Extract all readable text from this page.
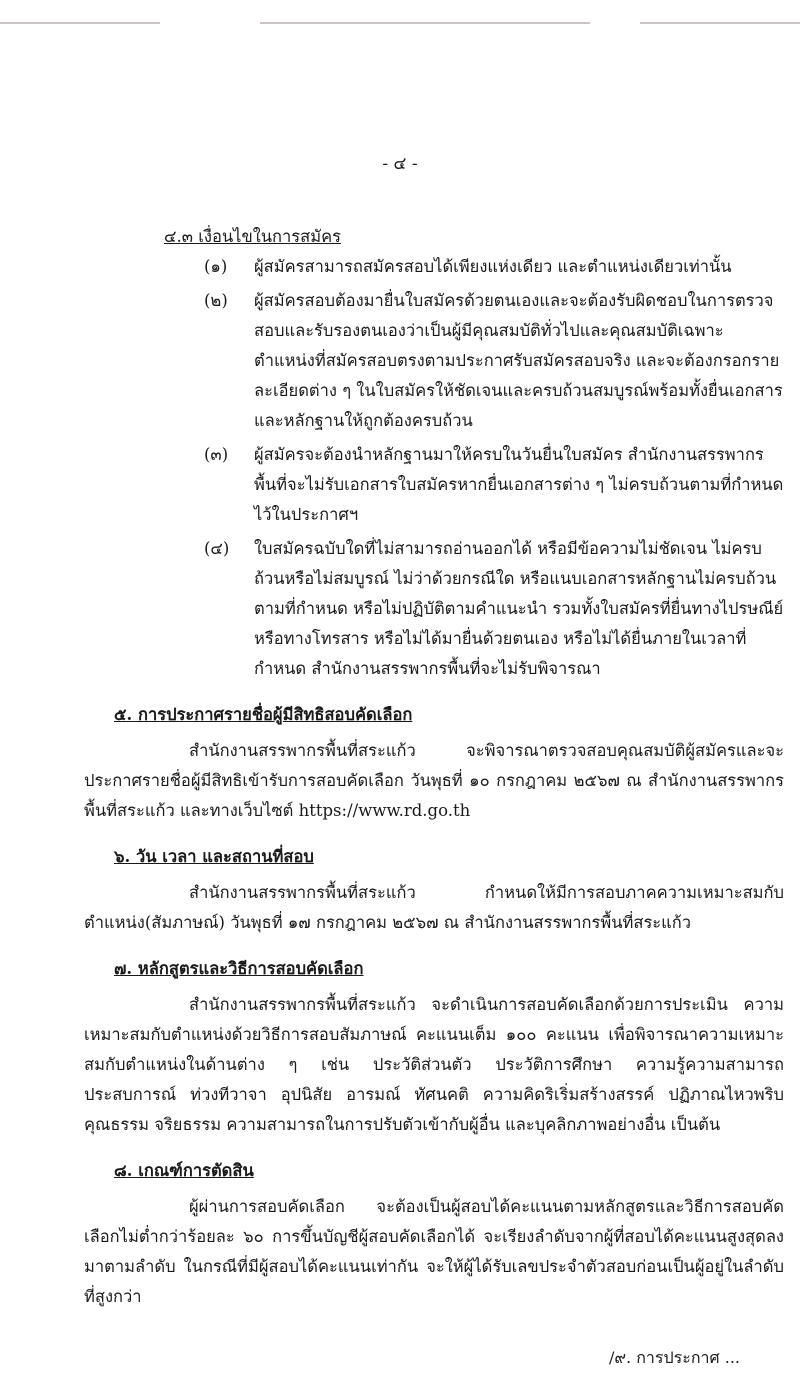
- ๔ -
๔.๓ เงื่อนไขในการสมัคร
(๑) ผู้สมัครสามารถสมัครสอบได้เพียงแห่งเดียว และตำแหน่งเดียวเท่านั้น
(๒) ผู้สมัครสอบต้องมายื่นใบสมัครด้วยตนเองและจะต้องรับผิดชอบในการตรวจสอบและรับรองตนเองว่าเป็นผู้มีคุณสมบัติทั่วไปและคุณสมบัติเฉพาะตำแหน่งที่สมัครสอบตรงตามประกาศรับสมัครสอบจริง และจะต้องกรอกรายละเอียดต่าง ๆ ในใบสมัครให้ชัดเจนและครบถ้วนสมบูรณ์พร้อมทั้งยื่นเอกสารและหลักฐานให้ถูกต้องครบถ้วน
(๓) ผู้สมัครจะต้องนำหลักฐานมาให้ครบในวันยื่นใบสมัคร สำนักงานสรรพากรพื้นที่จะไม่รับเอกสารใบสมัครหากยื่นเอกสารต่าง ๆ ไม่ครบถ้วนตามที่กำหนดไว้ในประกาศฯ
(๔) ใบสมัครฉบับใดที่ไม่สามารถอ่านออกได้ หรือมีข้อความไม่ชัดเจน ไม่ครบถ้วนหรือไม่สมบูรณ์ ไม่ว่าด้วยกรณีใด หรือแนบเอกสารหลักฐานไม่ครบถ้วนตามที่กำหนด หรือไม่ปฏิบัติตามคำแนะนำ รวมทั้งใบสมัครที่ยื่นทางไปรษณีย์ หรือทางโทรสาร หรือไม่ได้มายื่นด้วยตนเอง หรือไม่ได้ยื่นภายในเวลาที่กำหนด สำนักงานสรรพากรพื้นที่จะไม่รับพิจารณา
๕. การประกาศรายชื่อผู้มีสิทธิสอบคัดเลือก

สำนักงานสรรพากรพื้นที่สระแก้ว จะพิจารณาตรวจสอบคุณสมบัติผู้สมัครและจะประกาศรายชื่อผู้มีสิทธิเข้ารับการสอบคัดเลือก วันพุธที่ ๑๐ กรกฎาคม ๒๕๖๗ ณ สำนักงานสรรพากรพื้นที่สระแก้ว และทางเว็บไซต์ https://www.rd.go.th

๖. วัน เวลา และสถานที่สอบ

สำนักงานสรรพากรพื้นที่สระแก้ว กำหนดให้มีการสอบภาคความเหมาะสมกับตำแหน่ง(สัมภาษณ์) วันพุธที่ ๑๗ กรกฎาคม ๒๕๖๗ ณ สำนักงานสรรพากรพื้นที่สระแก้ว

๗. หลักสูตรและวิธีการสอบคัดเลือก

สำนักงานสรรพากรพื้นที่สระแก้ว จะดำเนินการสอบคัดเลือกด้วยการประเมิน ความเหมาะสมกับตำแหน่งด้วยวิธีการสอบสัมภาษณ์ คะแนนเต็ม ๑๐๐ คะแนน เพื่อพิจารณาความเหมาะสมกับตำแหน่งในด้านต่าง ๆ เช่น ประวัติส่วนตัว ประวัติการศึกษา ความรู้ความสามารถ ประสบการณ์ ท่วงทีวาจา อุปนิสัย อารมณ์ ทัศนคติ ความคิดริเริ่มสร้างสรรค์ ปฏิภาณไหวพริบ คุณธรรม จริยธรรม ความสามารถในการปรับตัวเข้ากับผู้อื่น และบุคลิกภาพอย่างอื่น เป็นต้น

๘. เกณฑ์การตัดสิน

ผู้ผ่านการสอบคัดเลือก จะต้องเป็นผู้สอบได้คะแนนตามหลักสูตรและวิธีการสอบคัดเลือกไม่ต่ำกว่าร้อยละ ๖๐ การขึ้นบัญชีผู้สอบคัดเลือกได้ จะเรียงลำดับจากผู้ที่สอบได้คะแนนสูงสุดลงมาตามลำดับ ในกรณีที่มีผู้สอบได้คะแนนเท่ากัน จะให้ผู้ได้รับเลขประจำตัวสอบก่อนเป็นผู้อยู่ในลำดับที่สูงกว่า

/๙. การประกาศ ...
